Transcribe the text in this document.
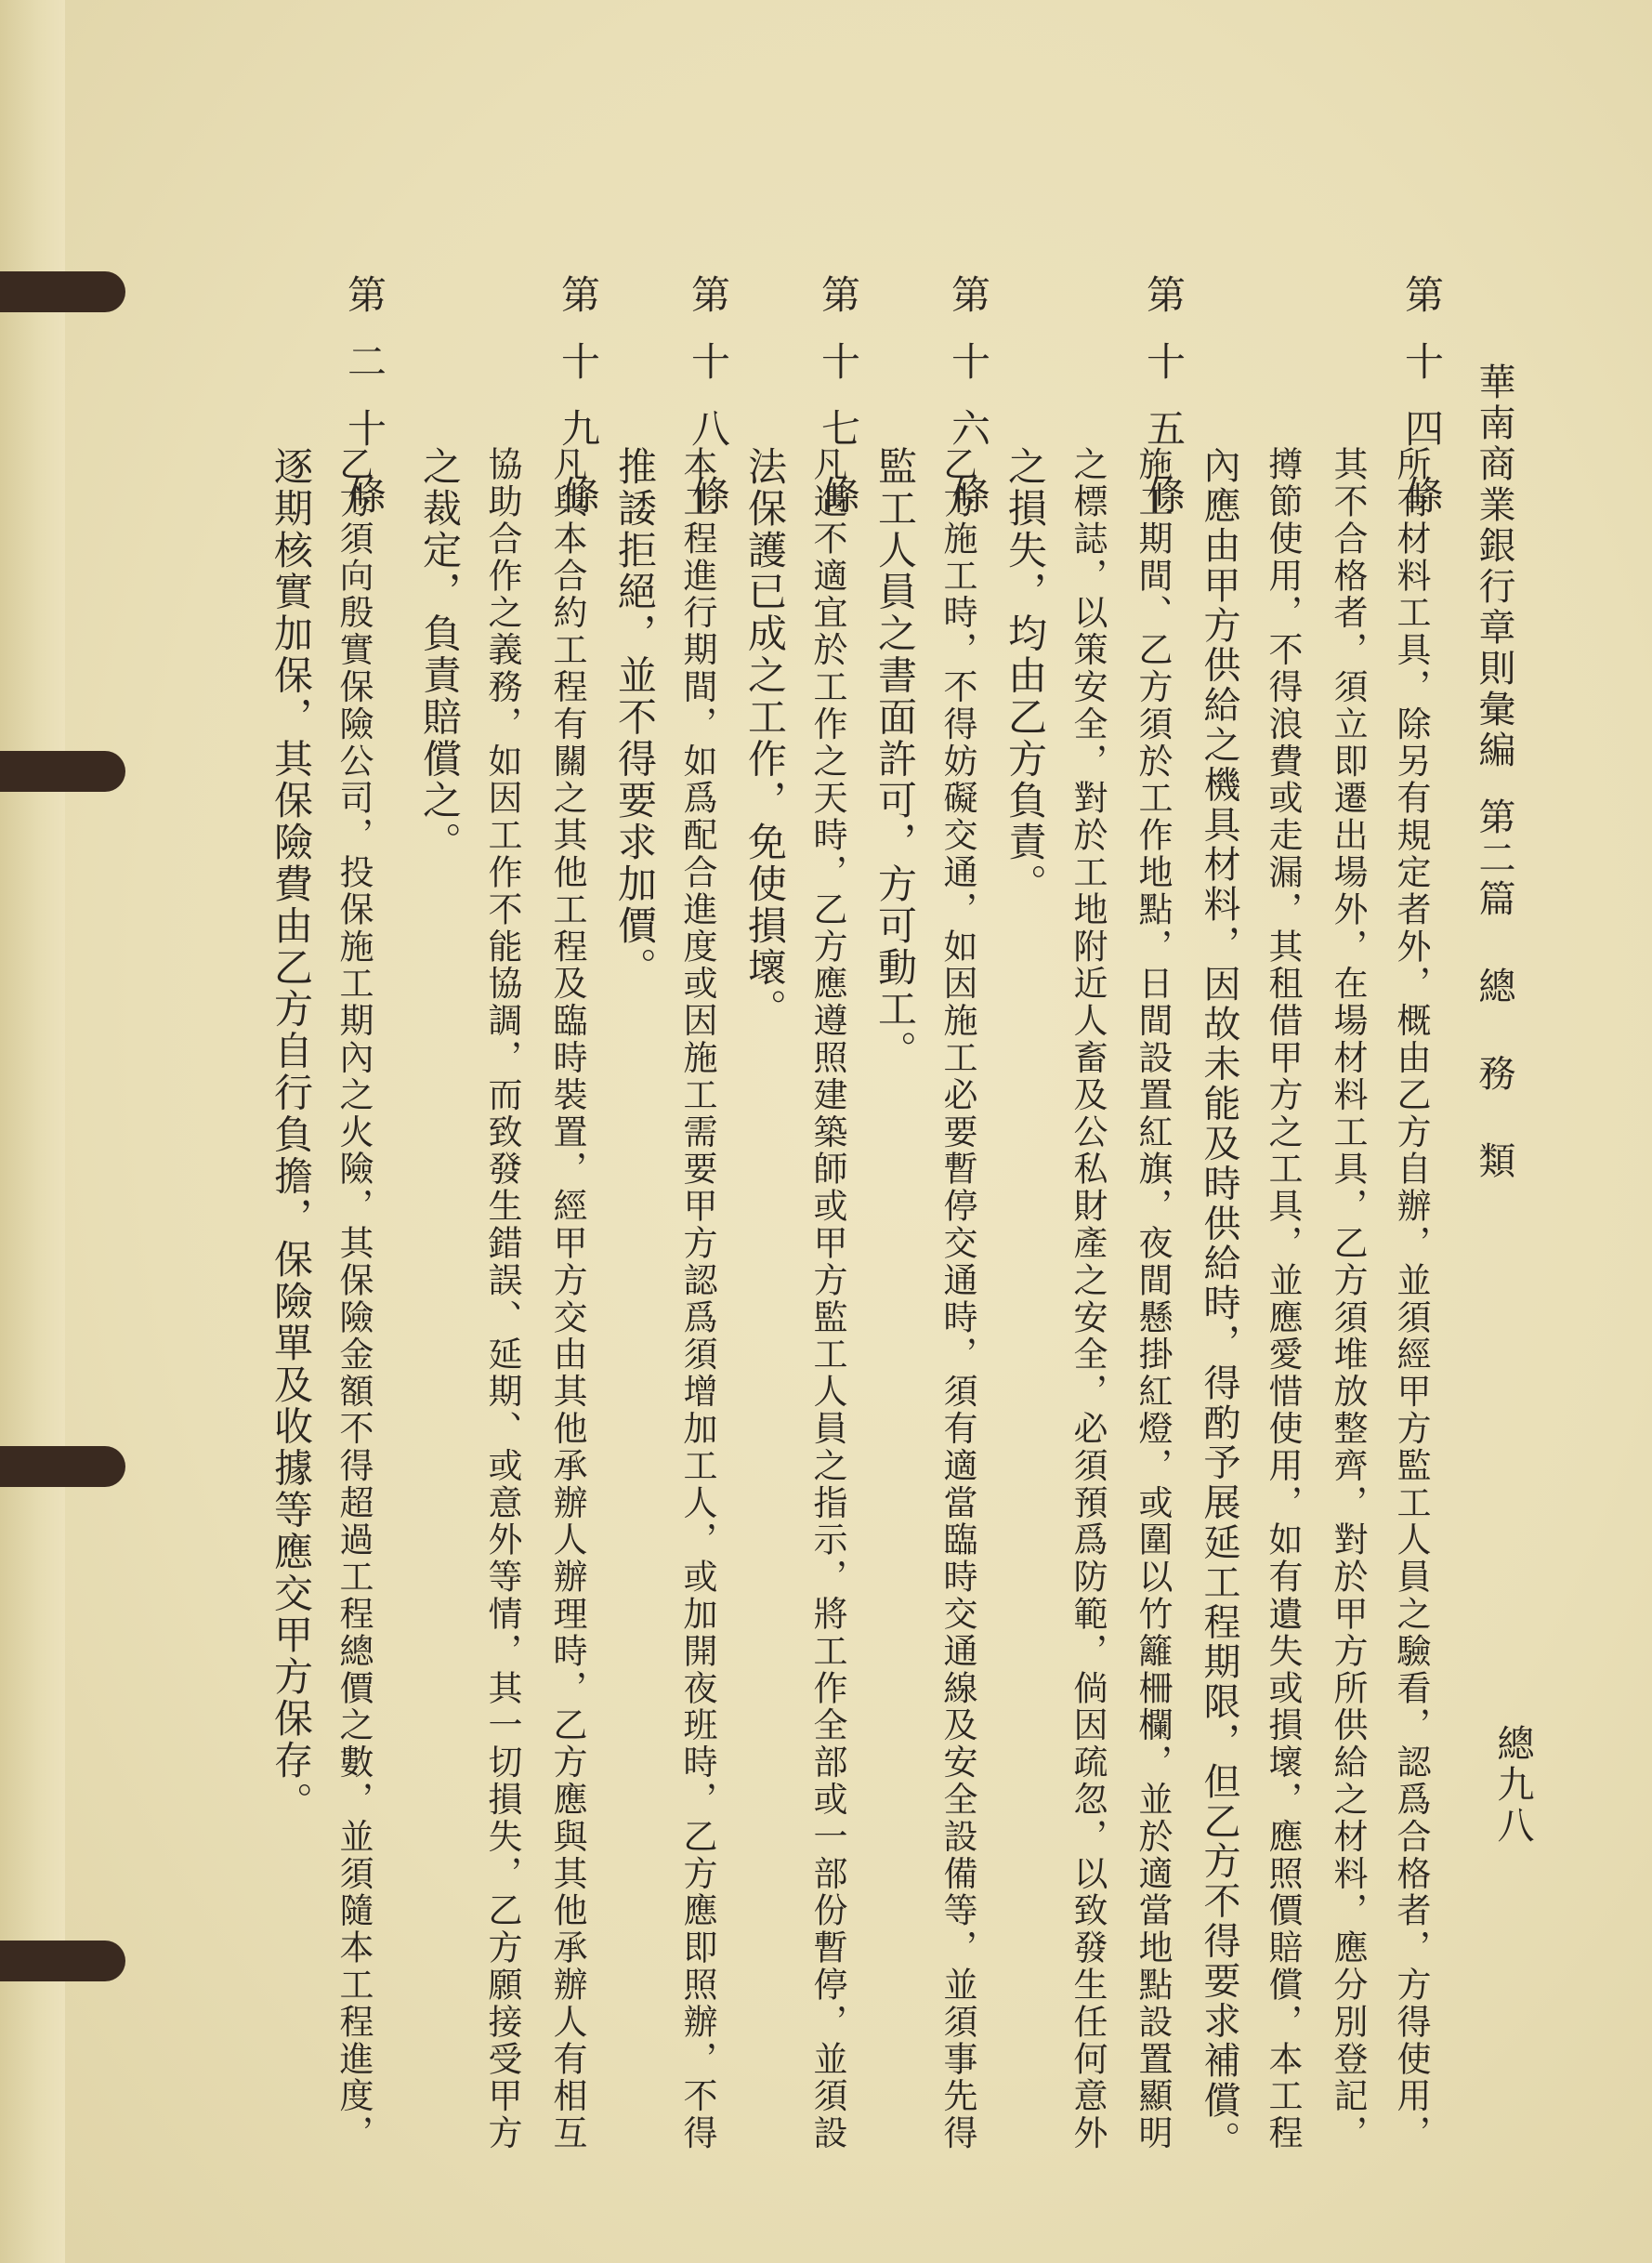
華南商業銀行章則彙編第二篇 總 務 類
總九八
第十四條
所有材料工具，除另有規定者外，概由乙方自辦，並須經甲方監工人員之驗看，認爲合格者，方得使用，
其不合格者，須立即遷出場外，在場材料工具，乙方須堆放整齊，對於甲方所供給之材料，應分別登記，
撙節使用，不得浪費或走漏，其租借甲方之工具，並應愛惜使用，如有遺失或損壞，應照價賠償，本工程
內應由甲方供給之機具材料，因故未能及時供給時，得酌予展延工程期限，但乙方不得要求補償。
第十五條
施工期間、乙方須於工作地點，日間設置紅旗，夜間懸掛紅燈，或圍以竹籬柵欄，並於適當地點設置顯明
之標誌，以策安全，對於工地附近人畜及公私財產之安全，必須預爲防範，倘因疏忽，以致發生任何意外
之損失，均由乙方負責。
第十六條
乙方施工時，不得妨礙交通，如因施工必要暫停交通時，須有適當臨時交通線及安全設備等，並須事先得
監工人員之書面許可，方可動工。
第十七條
凡遇不適宜於工作之天時，乙方應遵照建築師或甲方監工人員之指示，將工作全部或一部份暫停，並須設
法保護已成之工作，免使損壞。
第十八條
本工程進行期間，如爲配合進度或因施工需要甲方認爲須增加工人，或加開夜班時，乙方應即照辦，不得
推諉拒絕，並不得要求加價。
第十九條
凡與本合約工程有關之其他工程及臨時裝置，經甲方交由其他承辦人辦理時，乙方應與其他承辦人有相互
協助合作之義務，如因工作不能協調，而致發生錯誤、延期、或意外等情，其一切損失，乙方願接受甲方
之裁定，負責賠償之。
第二十條
乙方須向殷實保險公司，投保施工期內之火險，其保險金額不得超過工程總價之數，並須隨本工程進度，
逐期核實加保，其保險費由乙方自行負擔，保險單及收據等應交甲方保存。
